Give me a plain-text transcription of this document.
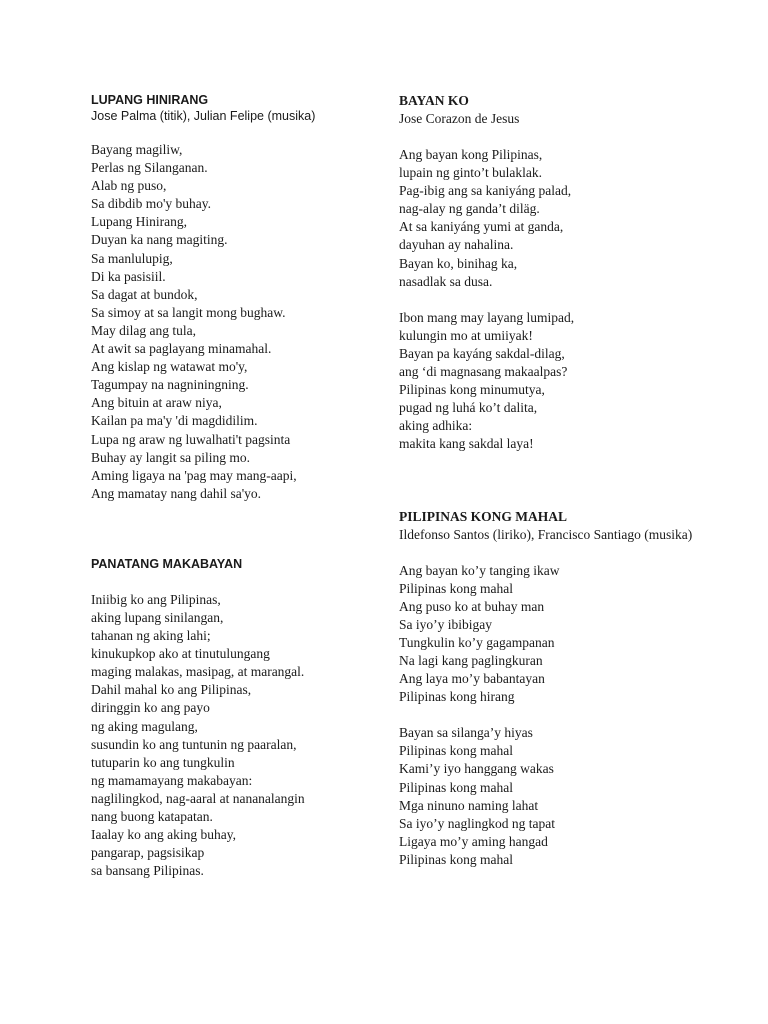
LUPANG HINIRANG

Jose Palma (titik), Julian Felipe (musika)

Bayang magiliw,
Perlas ng Silanganan.
Alab ng puso,
Sa dibdib mo'y buhay.
Lupang Hinirang,
Duyan ka nang magiting.
Sa manlulupig,
Di ka pasisiil.
Sa dagat at bundok,
Sa simoy at sa langit mong bughaw.
May dilag ang tula,
At awit sa paglayang minamahal.
Ang kislap ng watawat mo'y,
Tagumpay na nagniningning.
Ang bituin at araw niya,
Kailan pa ma'y 'di magdidilim.
Lupa ng araw ng luwalhati't pagsinta
Buhay ay langit sa piling mo.
Aming ligaya na 'pag may mang-aapi,
Ang mamatay nang dahil sa'yo.
PANATANG MAKABAYAN
Iniibig ko ang Pilipinas,
aking lupang sinilangan,
tahanan ng aking lahi;
kinukupkop ako at tinutulungang
maging malakas, masipag, at marangal.
Dahil mahal ko ang Pilipinas,
diringgin ko ang payo
ng aking magulang,
susundin ko ang tuntunin ng paaralan,
tutuparin ko ang tungkulin
ng mamamayang makabayan:
naglilingkod, nag-aaral at nananalangin
nang buong katapatan.
Iaalay ko ang aking buhay,
pangarap, pagsisikap
sa bansang Pilipinas.
BAYAN KO

Jose Corazon de Jesus

Ang bayan kong Pilipinas,
lupain ng ginto’t bulaklak.
Pag-ibig ang sa kaniyáng palad,
nag-alay ng ganda’t diläg.
At sa kaniyáng yumi at ganda,
dayuhan ay nahalina.
Bayan ko, binihag ka,
nasadlak sa dusa.
Ibon mang may layang lumipad,
kulungin mo at umiiyak!
Bayan pa kayáng sakdal-dilag,
ang ‘di magnasang makaalpas?
Pilipinas kong minumutya,
pugad ng luhá ko’t dalita,
aking adhika:
makita kang sakdal laya!
PILIPINAS KONG MAHAL

Ildefonso Santos (liriko), Francisco Santiago (musika)

Ang bayan ko’y tanging ikaw
Pilipinas kong mahal
Ang puso ko at buhay man
Sa iyo’y ibibigay
Tungkulin ko’y gagampanan
Na lagi kang paglingkuran
Ang laya mo’y babantayan
Pilipinas kong hirang
Bayan sa silanga’y hiyas
Pilipinas kong mahal
Kami’y iyo hanggang wakas
Pilipinas kong mahal
Mga ninuno naming lahat
Sa iyo’y naglingkod ng tapat
Ligaya mo’y aming hangad
Pilipinas kong mahal
